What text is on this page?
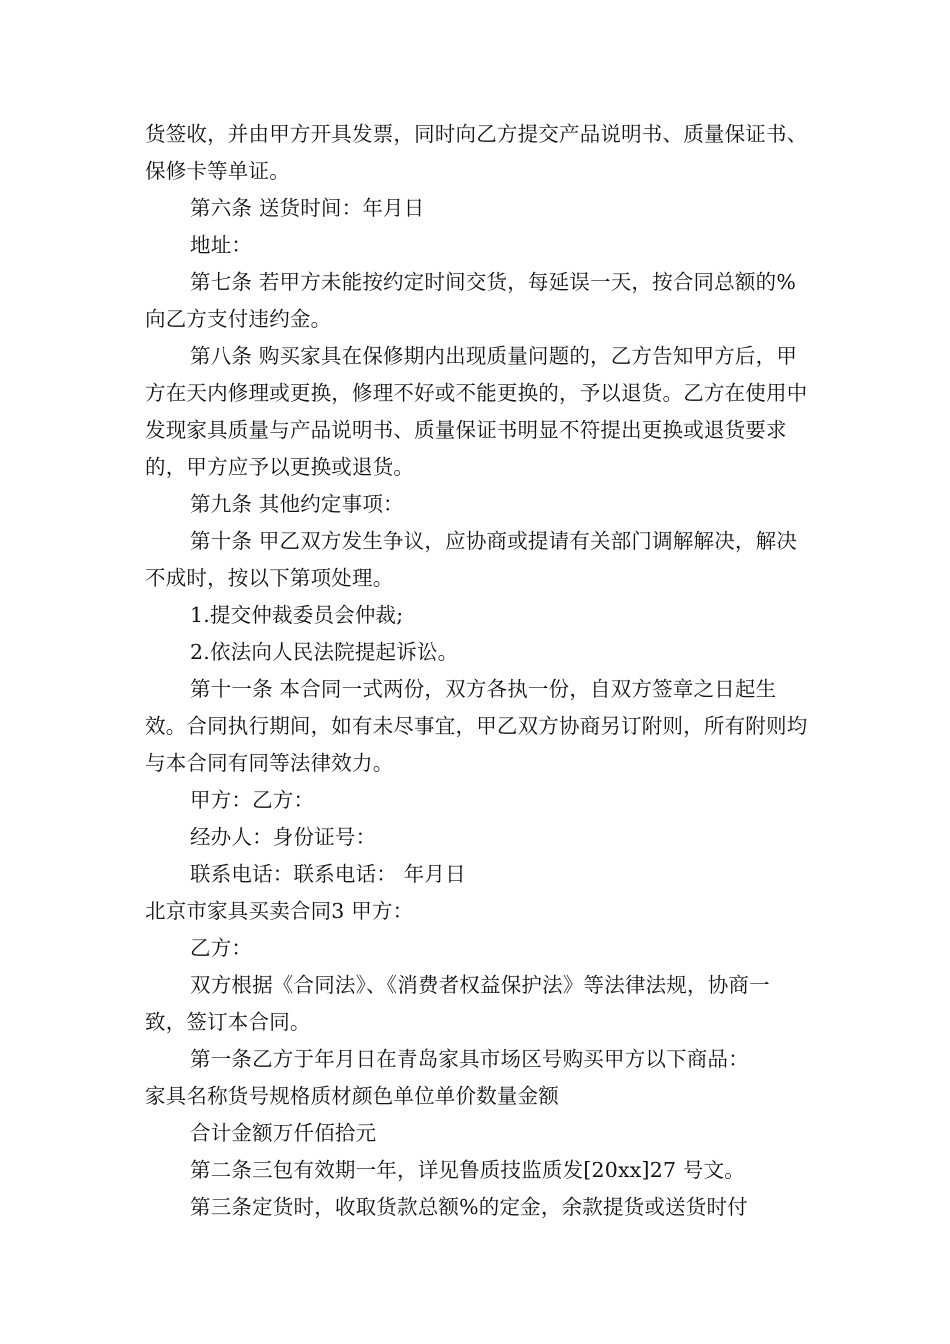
货签收，并由甲方开具发票，同时向乙方提交产品说明书、质量保证书、保修卡等单证。

第六条 送货时间：年月日

地址：

第七条 若甲方未能按约定时间交货，每延误一天，按合同总额的%向乙方支付违约金。

第八条 购买家具在保修期内出现质量问题的，乙方告知甲方后，甲方在天内修理或更换，修理不好或不能更换的，予以退货。乙方在使用中发现家具质量与产品说明书、质量保证书明显不符提出更换或退货要求的，甲方应予以更换或退货。

第九条 其他约定事项：

第十条 甲乙双方发生争议，应协商或提请有关部门调解解决，解决不成时，按以下第项处理。

1.提交仲裁委员会仲裁;

2.依法向人民法院提起诉讼。

第十一条 本合同一式两份，双方各执一份，自双方签章之日起生效。合同执行期间，如有未尽事宜，甲乙双方协商另订附则，所有附则均与本合同有同等法律效力。

甲方：乙方：

经办人：身份证号：

联系电话：联系电话： 年月日

北京市家具买卖合同3 甲方：

乙方：

双方根据《合同法》、《消费者权益保护法》等法律法规，协商一致，签订本合同。

第一条乙方于年月日在青岛家具市场区号购买甲方以下商品：

家具名称货号规格质材颜色单位单价数量金额

合计金额万仟佰拾元

第二条三包有效期一年，详见鲁质技监质发[20xx]27 号文。

第三条定货时，收取货款总额%的定金，余款提货或送货时付
